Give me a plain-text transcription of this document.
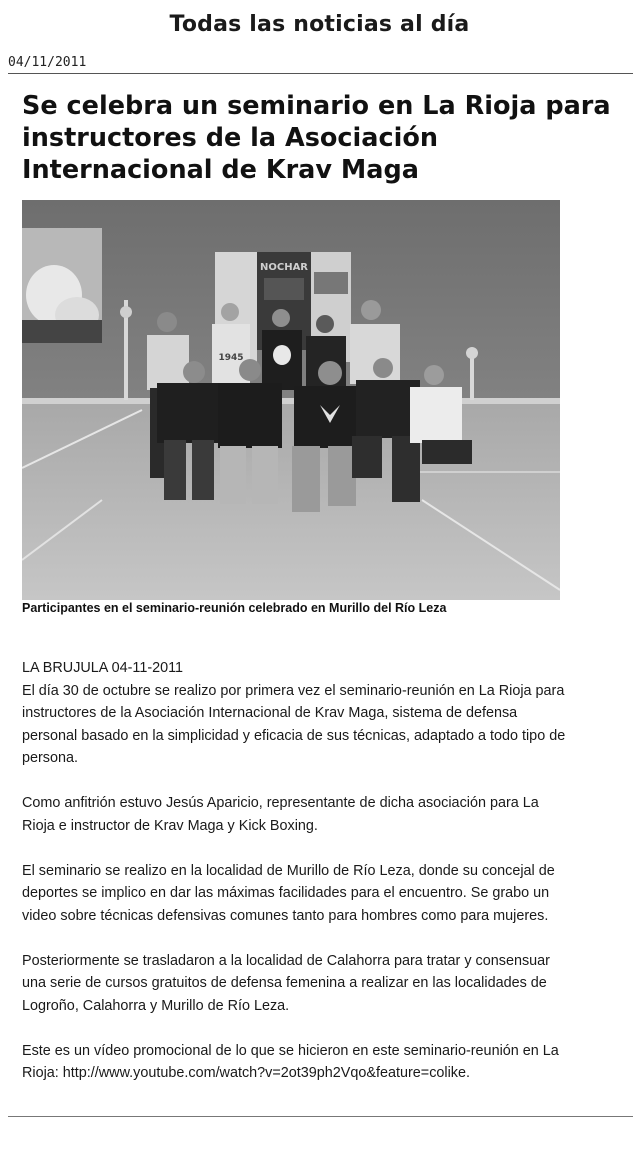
Todas las noticias al día
04/11/2011
Se celebra un seminario en La Rioja para
instructores de la Asociación
Internacional de Krav Maga
NOCHAR
1945
Participantes en el seminario-reunión celebrado en Murillo del Río Leza

LA BRUJULA 04-11-2011

El día 30 de octubre se realizo por primera vez el seminario-reunión en La Rioja para
instructores de la Asociación Internacional de Krav Maga, sistema de defensa
personal basado en la simplicidad y eficacia de sus técnicas, adaptado a todo tipo de
persona.

Como anfitrión estuvo Jesús Aparicio, representante de dicha asociación para La
Rioja e instructor de Krav Maga y Kick Boxing.

El seminario se realizo en la localidad de Murillo de Río Leza, donde su concejal de
deportes se implico en dar las máximas facilidades para el encuentro. Se grabo un
video sobre técnicas defensivas comunes tanto para hombres como para mujeres.

Posteriormente se trasladaron a la localidad de Calahorra para tratar y consensuar
una serie de cursos gratuitos de defensa femenina a realizar en las localidades de
Logroño, Calahorra y Murillo de Río Leza.

Este es un vídeo promocional de lo que se hicieron en este seminario-reunión en La
Rioja: http://www.youtube.com/watch?v=2ot39ph2Vqo&feature=colike.
